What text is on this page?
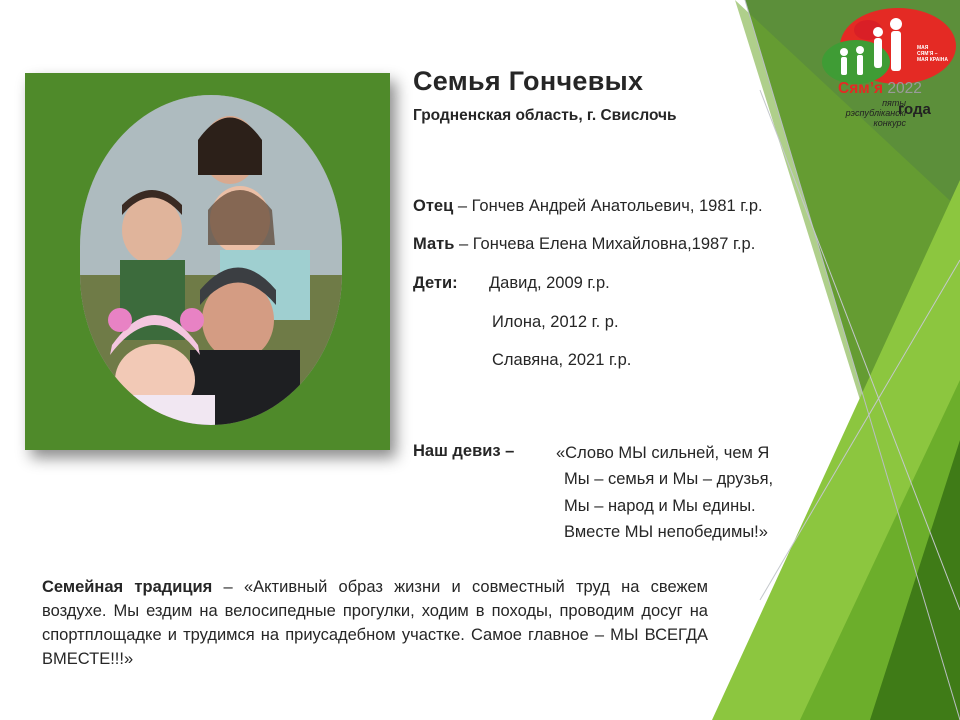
Семья Гончевых
Гродненская область, г. Свислочь
Отец – Гончев Андрей Анатольевич, 1981 г.р.
Мать – Гончева Елена Михайловна,1987 г.р.
Дети: Давид, 2009 г.р.
Илона, 2012 г. р.
Славяна, 2021 г.р.
Наш девиз –	«Слово МЫ сильней, чем Я
Мы – семья и Мы – друзья,
Мы – народ и Мы едины.
Вместе МЫ непобедимы!»
Семейная традиция – «Активный образ жизни и совместный труд на свежем воздухе. Мы ездим на велосипедные прогулки, ходим в походы, проводим досуг на спортплощадке и трудимся на приусадебном участке. Самое главное – МЫ ВСЕГДА ВМЕСТЕ!!!»
МАЯ
СЯМ’Я –
МАЯ КРАІНА
Сям’я 2022
пяты
рэспубліканскі
конкурс
года
